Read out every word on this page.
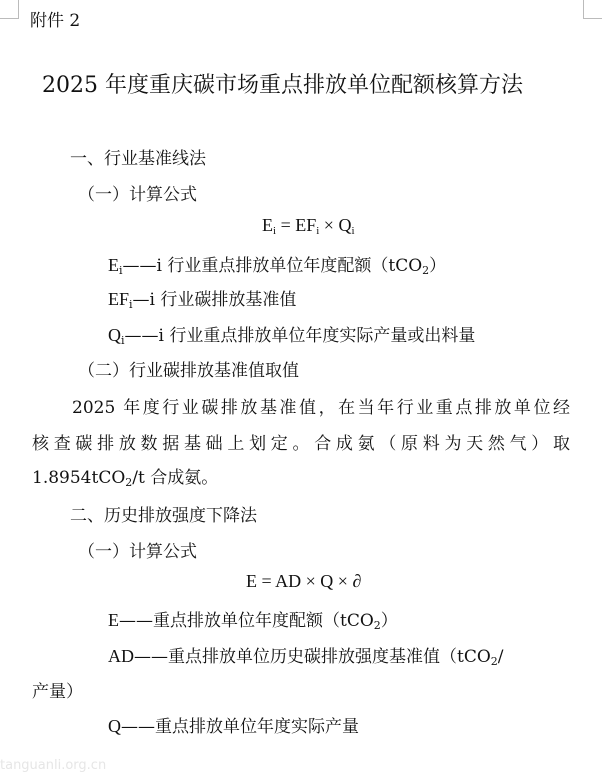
附件 2
2025 年度重庆碳市场重点排放单位配额核算方法
一、行业基准线法
（一）计算公式
$E_i = EF_i \times Q_i$
$E_i——i$ 行业重点排放单位年度配额（tCO$_2$）
$EF_i—i$ 行业碳排放基准值
$Q_i——i$ 行业重点排放单位年度实际产量或出料量
（二）行业碳排放基准值取值
2025 年度行业碳排放基准值，在当年行业重点排放单位经
核查碳排放数据基础上划定。合成氨（原料为天然气）取
1.8954tCO$_2$/t 合成氨。
二、历史排放强度下降法
（一）计算公式
E = AD × Q × ∂
E——重点排放单位年度配额（tCO$_2$）
AD——重点排放单位历史碳排放强度基准值（tCO$_2$/
产量）
Q——重点排放单位年度实际产量
tanguanli.org.cn
